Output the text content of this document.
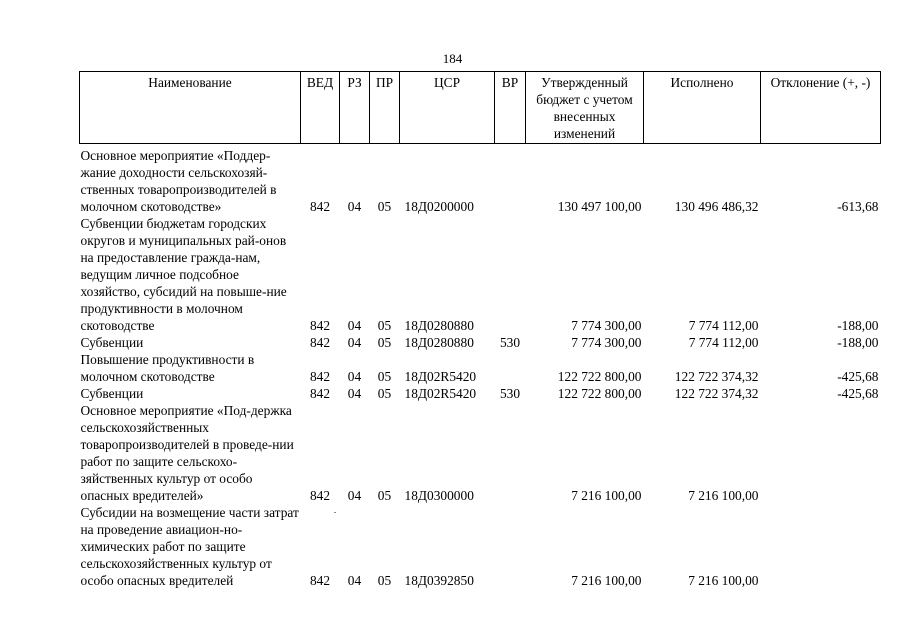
184
Наименование	ВЕД	РЗ	ПР	ЦСР	ВР	Утвержденный бюджет с учетом внесенных изменений	Исполнено	Отклонение (+, -)
Основное мероприятие «Поддер-жание доходности сельскохозяй-ственных товаропроизводителей в молочном скотоводстве»	842	04	05	18Д0200000		130 497 100,00	130 496 486,32	-613,68
Субвенции бюджетам городских округов и муниципальных рай-онов на предоставление гражда-нам, ведущим личное подсобное хозяйство, субсидий на повыше-ние продуктивности в молочном скотоводстве	842	04	05	18Д0280880		7 774 300,00	7 774 112,00	-188,00
Субвенции	842	04	05	18Д0280880	530	7 774 300,00	7 774 112,00	-188,00
Повышение продуктивности в молочном скотоводстве	842	04	05	18Д02R5420		122 722 800,00	122 722 374,32	-425,68
Субвенции	842	04	05	18Д02R5420	530	122 722 800,00	122 722 374,32	-425,68
Основное мероприятие «Под-держка сельскохозяйственных товаропроизводителей в проведе-нии работ по защите сельскохо-зяйственных культур от особо опасных вредителей»	842	04	05	18Д0300000		7 216 100,00	7 216 100,00	
Субсидии на возмещение части затрат на проведение авиацион-но-химических работ по защите сельскохозяйственных культур от особо опасных вредителей	842	04	05	18Д0392850		7 216 100,00	7 216 100,00	
